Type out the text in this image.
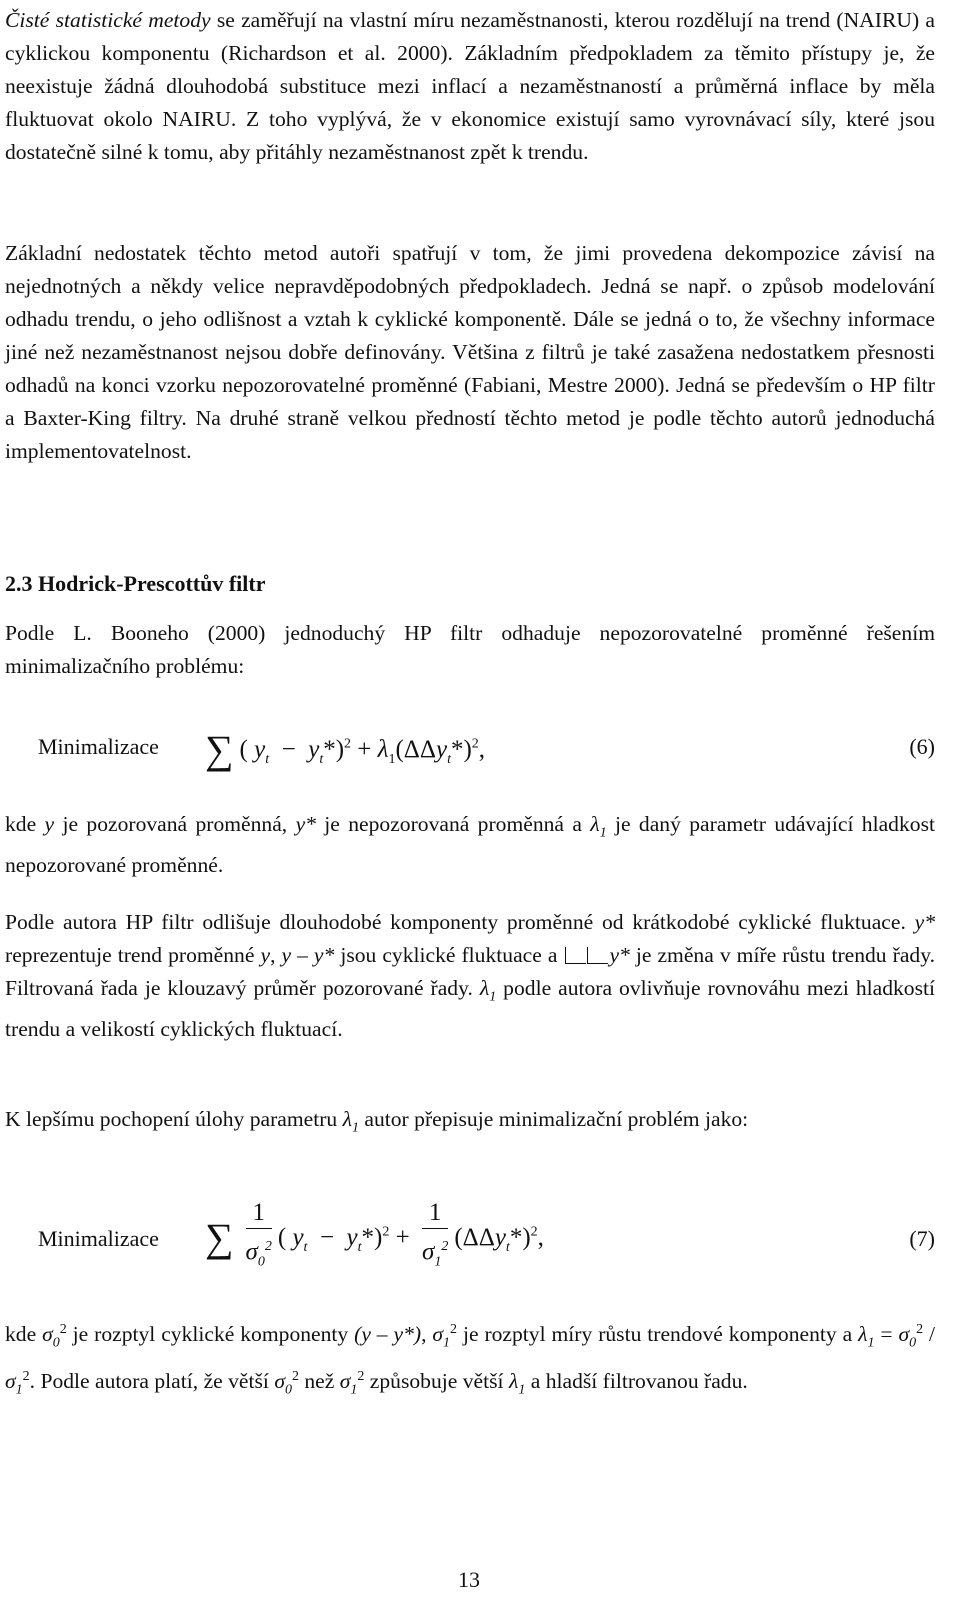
Čisté statistické metody se zaměřují na vlastní míru nezaměstnanosti, kterou rozdělují na trend (NAIRU) a cyklickou komponentu (Richardson et al. 2000). Základním předpokladem za těmito přístupy je, že neexistuje žádná dlouhodobá substituce mezi inflací a nezaměstnaností a průměrná inflace by měla fluktuovat okolo NAIRU. Z toho vyplývá, že v ekonomice existují samo vyrovnávací síly, které jsou dostatečně silné k tomu, aby přitáhly nezaměstnanost zpět k trendu.

Základní nedostatek těchto metod autoři spatřují v tom, že jimi provedena dekompozice závisí na nejednotných a někdy velice nepravděpodobných předpokladech. Jedná se např. o způsob modelování odhadu trendu, o jeho odlišnost a vztah k cyklické komponentě. Dále se jedná o to, že všechny informace jiné než nezaměstnanost nejsou dobře definovány. Většina z filtrů je také zasažena nedostatkem přesnosti odhadů na konci vzorku nepozorovatelné proměnné (Fabiani, Mestre 2000). Jedná se především o HP filtr a Baxter-King filtry. Na druhé straně velkou předností těchto metod je podle těchto autorů jednoduchá implementovatelnost.

2.3 Hodrick-Prescottův filtr

Podle L. Booneho (2000) jednoduchý HP filtr odhaduje nepozorovatelné proměnné řešením minimalizačního problému:

Minimalizace ∑ ( $y_t - y_t*)^2 + \lambda_1(\Delta\Delta y_t*)^2$,	(6)

kde y je pozorovaná proměnná, y* je nepozorovaná proměnná a $\lambda_1$ je daný parametr udávající hladkost nepozorované proměnné.

Podle autora HP filtr odlišuje dlouhodobé komponenty proměnné od krátkodobé cyklické fluktuace. y* reprezentuje trend proměnné y, y – y* jsou cyklické fluktuace a y* je změna v míře růstu trendu řady. Filtrovaná řada je klouzavý průměr pozorované řady. $\lambda_1$ podle autora ovlivňuje rovnováhu mezi hladkostí trendu a velikostí cyklických fluktuací.

K lepšímu pochopení úlohy parametru $\lambda_1$ autor přepisuje minimalizační problém jako:

Minimalizace ∑ $\frac{1}{\sigma_0^2}$ ( $y_t - y_t*)^2 + \frac{1}{\sigma_1^2} (\Delta\Delta y_t*)^2$,	(7)

kde $\sigma_0^2$ je rozptyl cyklické komponenty (y – y*), $\sigma_1^2$ je rozptyl míry růstu trendové komponenty a $\lambda_1 = \sigma_0^2 / \sigma_1^2$. Podle autora platí, že větší $\sigma_0^2$ než $\sigma_1^2$ způsobuje větší $\lambda_1$ a hladší filtrovanou řadu.

13
